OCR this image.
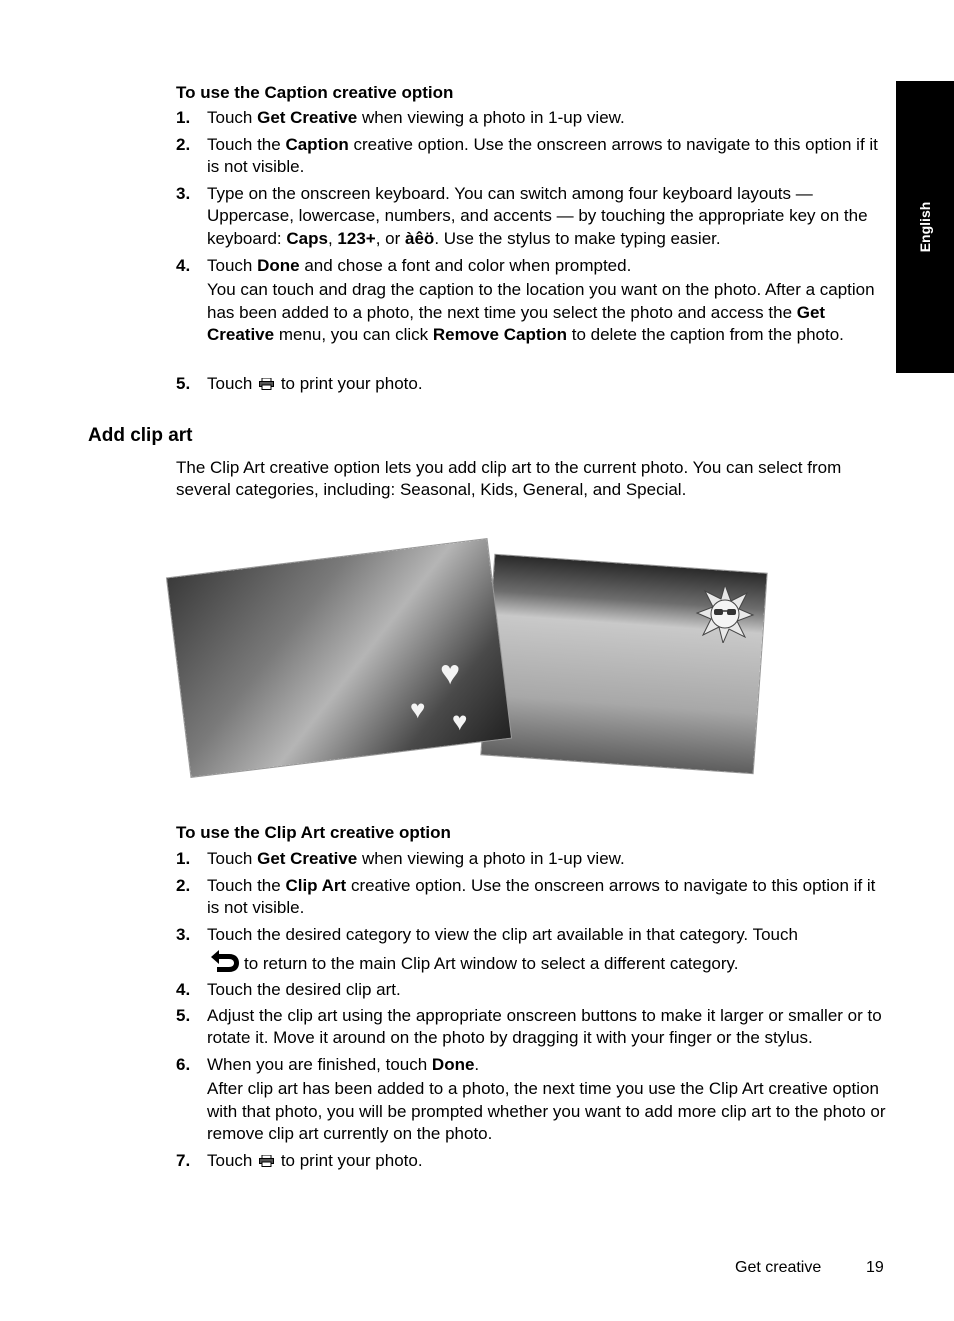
English
To use the Caption creative option
1. Touch Get Creative when viewing a photo in 1-up view.

2. Touch the Caption creative option. Use the onscreen arrows to navigate to this option if it is not visible.

3. Type on the onscreen keyboard. You can switch among four keyboard layouts — Uppercase, lowercase, numbers, and accents — by touching the appropriate key on the keyboard: Caps, 123+, or àêö. Use the stylus to make typing easier.

4. Touch Done and chose a font and color when prompted.

You can touch and drag the caption to the location you want on the photo. After a caption has been added to a photo, the next time you select the photo and access the Get Creative menu, you can click Remove Caption to delete the caption from the photo.

5. Touch  to print your photo.

Add clip art

The Clip Art creative option lets you add clip art to the current photo. You can select from several categories, including: Seasonal, Kids, General, and Special.

♥
♥ ♥
To use the Clip Art creative option
1. Touch Get Creative when viewing a photo in 1-up view.

2. Touch the Clip Art creative option. Use the onscreen arrows to navigate to this option if it is not visible.

3. Touch the desired category to view the clip art available in that category. Touch

to return to the main Clip Art window to select a different category.

4. Touch the desired clip art.

5. Adjust the clip art using the appropriate onscreen buttons to make it larger or smaller or to rotate it. Move it around on the photo by dragging it with your finger or the stylus.

6. When you are finished, touch Done.

After clip art has been added to a photo, the next time you use the Clip Art creative option with that photo, you will be prompted whether you want to add more clip art to the photo or remove clip art currently on the photo.

7. Touch  to print your photo.

Get creative	19
